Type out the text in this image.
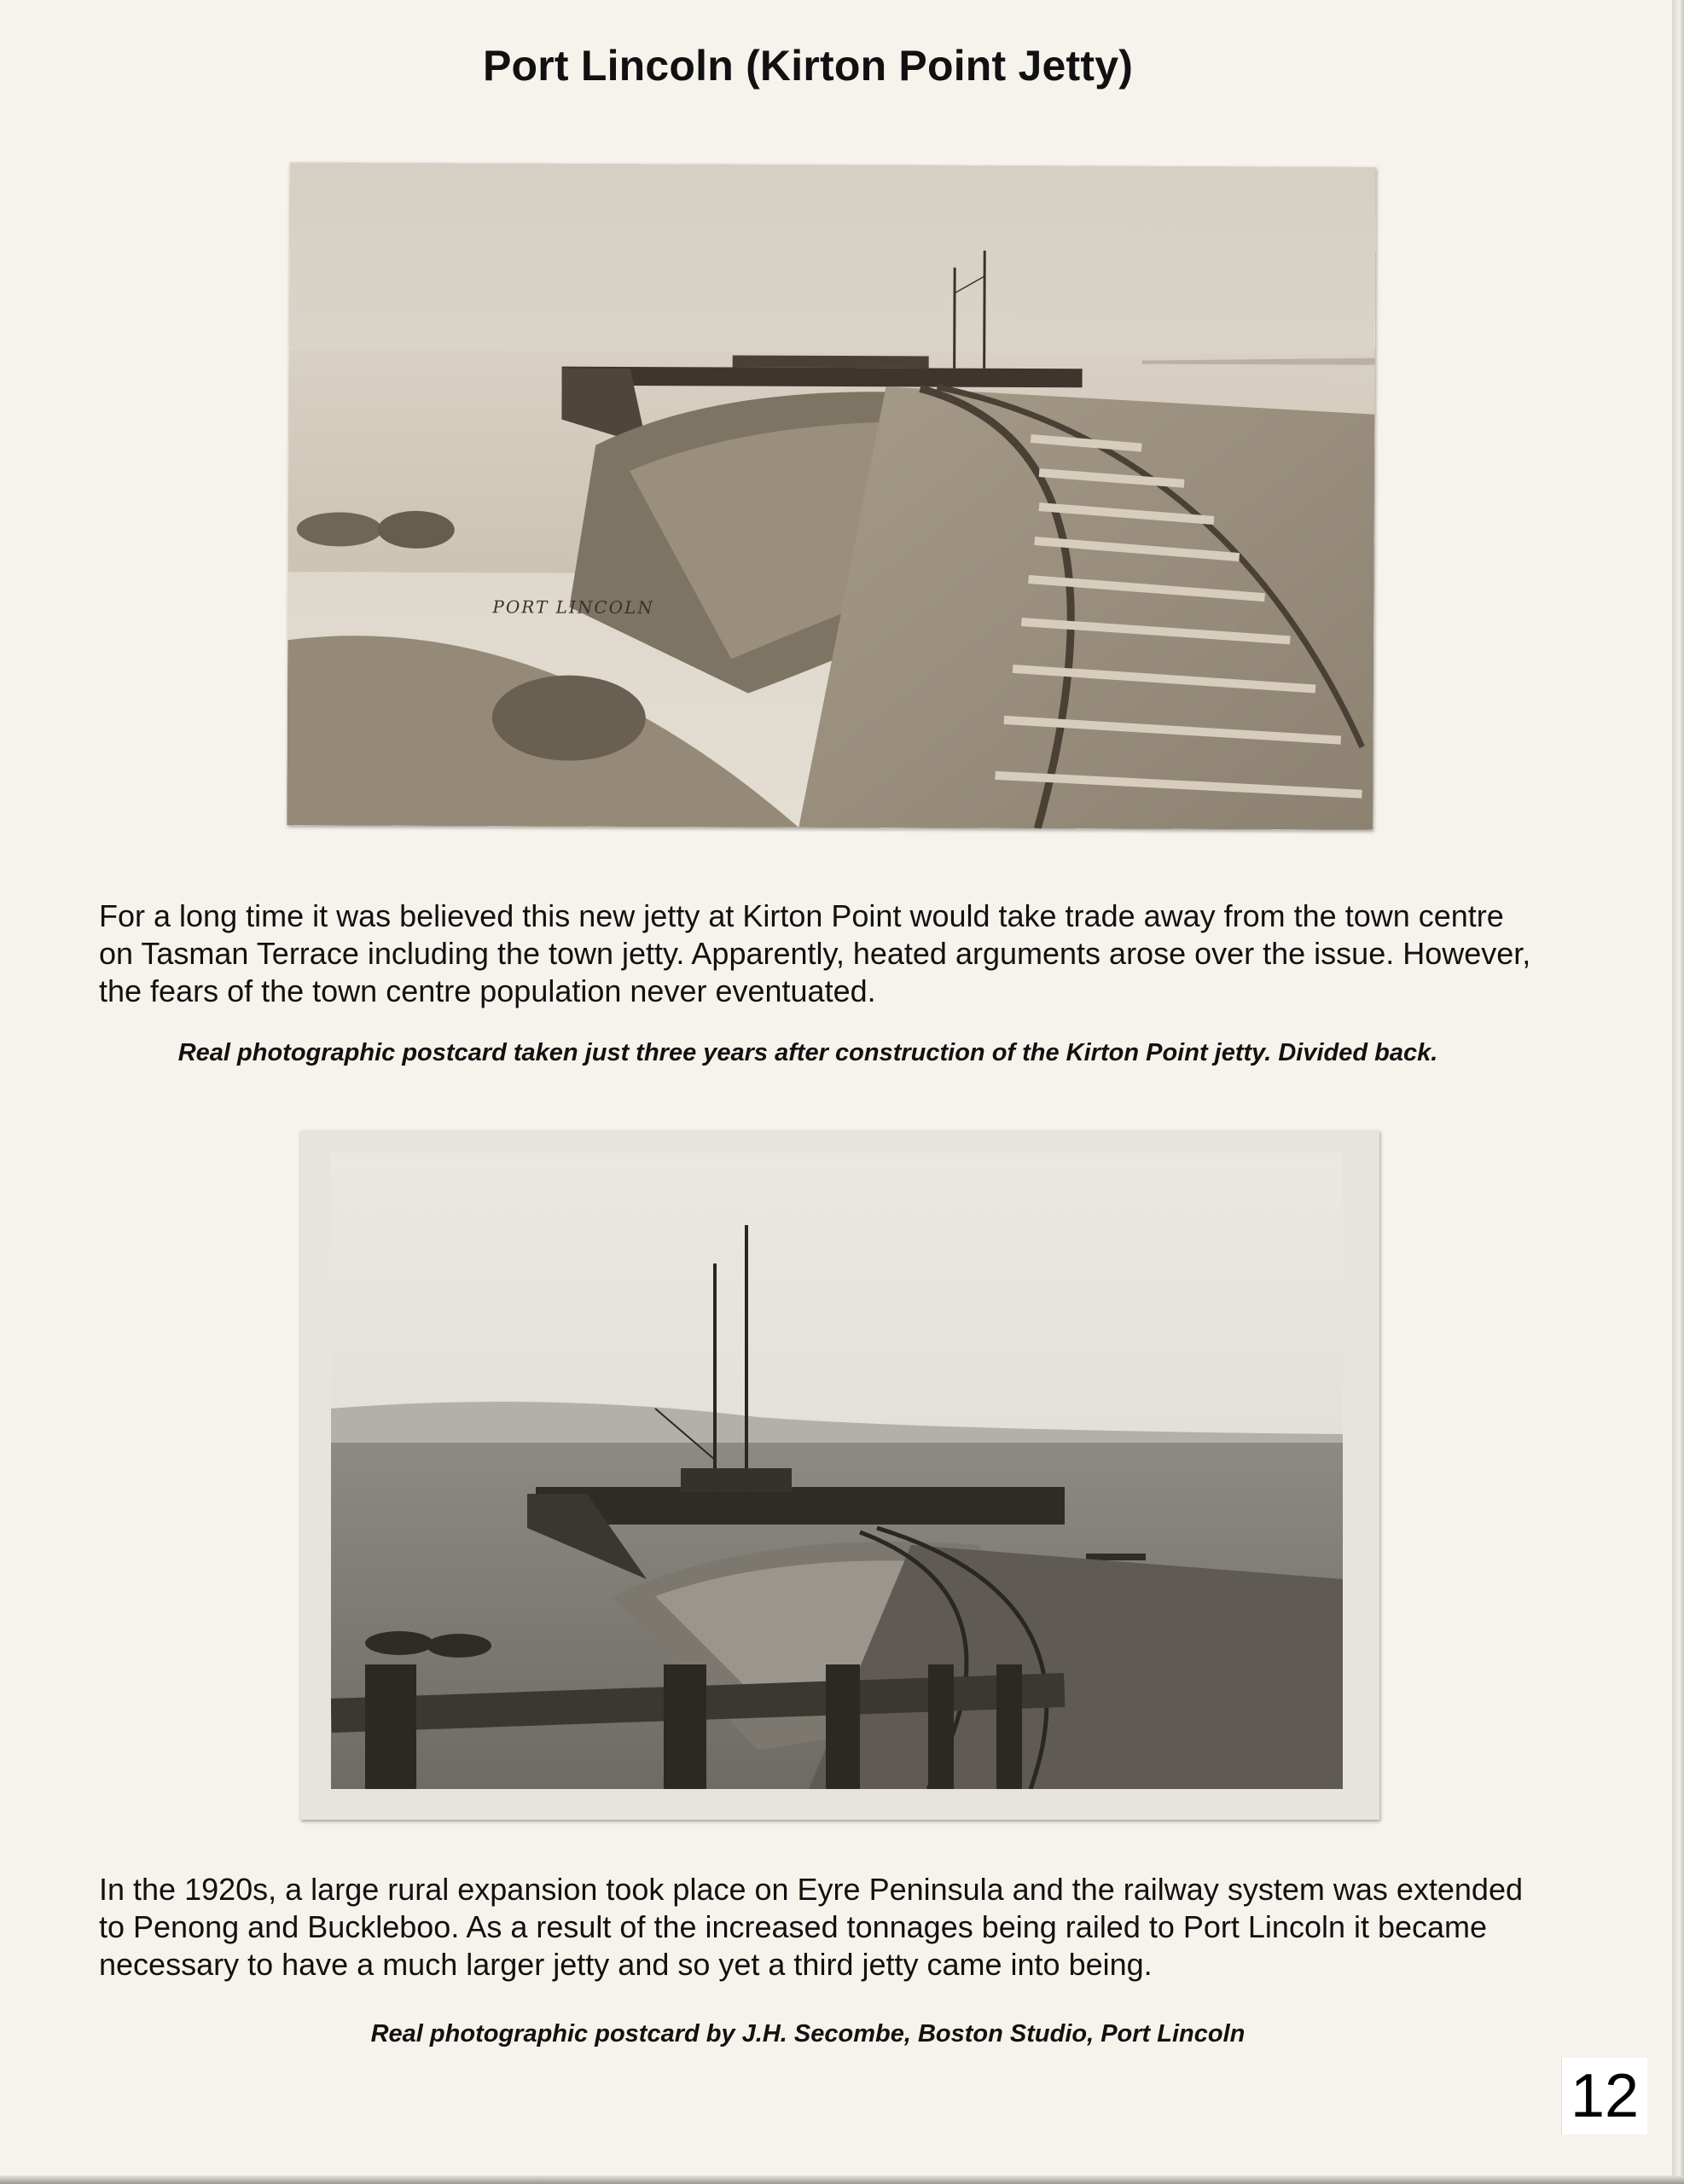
Port Lincoln (Kirton Point Jetty)
PORT LINCOLN
For a long time it was believed this new jetty at Kirton Point would take trade away from the town centre on Tasman Terrace including the town jetty. Apparently, heated arguments arose over the issue. However, the fears of the town centre population never eventuated.
Real photographic postcard taken just three years after construction of the Kirton Point jetty. Divided back.
In the 1920s, a large rural expansion took place on Eyre Peninsula and the railway system was extended to Penong and Buckleboo. As a result of the increased tonnages being railed to Port Lincoln it became necessary to have a much larger jetty and so yet a third jetty came into being.
Real photographic postcard by J.H. Secombe, Boston Studio, Port Lincoln
12
